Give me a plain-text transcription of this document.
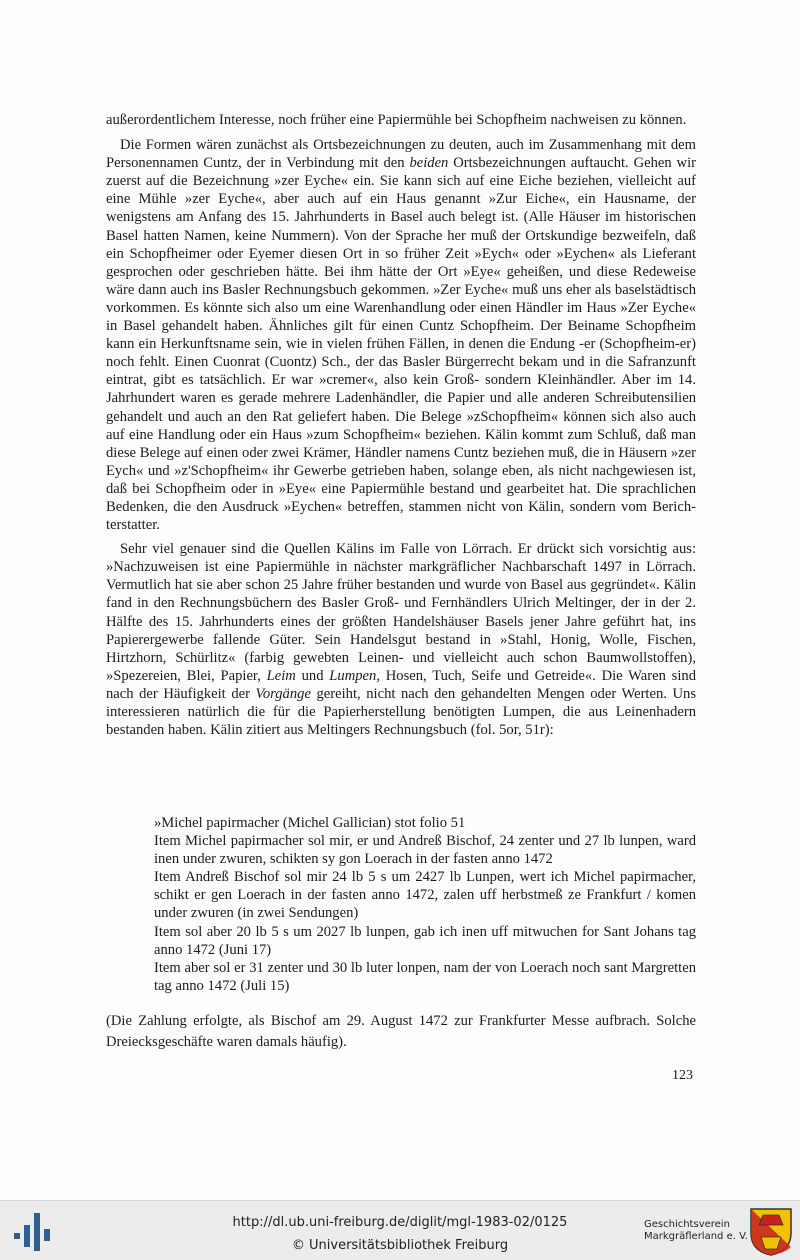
außerordentlichem Interesse, noch früher eine Papiermühle bei Schopfheim nachweisen zu können.

Die Formen wären zunächst als Ortsbezeichnungen zu deuten, auch im Zusammenhang mit dem Personennamen Cuntz, der in Verbindung mit den beiden Ortsbezeichnungen auftaucht. Gehen wir zuerst auf die Bezeichnung »zer Eyche« ein. Sie kann sich auf eine Eiche beziehen, vielleicht auf eine Mühle »zer Eyche«, aber auch auf ein Haus genannt »Zur Eiche«, ein Hausname, der wenigstens am Anfang des 15. Jahrhunderts in Basel auch belegt ist. (Alle Häuser im historischen Basel hatten Namen, keine Nummern). Von der Sprache her muß der Ortskundige bezweifeln, daß ein Schopfheimer oder Eyemer diesen Ort in so früher Zeit »Eych« oder »Eychen« als Lieferant gesprochen oder geschrieben hätte. Bei ihm hätte der Ort »Eye« geheißen, und diese Redeweise wäre dann auch ins Basler Rechnungsbuch gekommen. »Zer Eyche« muß uns eher als baselstädtisch vorkommen. Es könnte sich also um eine Warenhandlung oder einen Händler im Haus »Zer Eyche« in Basel gehandelt haben. Ähnliches gilt für einen Cuntz Schopfheim. Der Beiname Schopfheim kann ein Herkunftsname sein, wie in vielen frühen Fällen, in denen die Endung -er (Schopfheim-er) noch fehlt. Einen Cuonrat (Cuontz) Sch., der das Basler Bürgerrecht bekam und in die Safranzunft eintrat, gibt es tatsächlich. Er war »cremer«, also kein Groß- sondern Kleinhändler. Aber im 14. Jahrhundert waren es gerade mehrere Ladenhändler, die Papier und alle anderen Schreibutensilien gehandelt und auch an den Rat geliefert haben. Die Belege »zSchopfheim« können sich also auch auf eine Handlung oder ein Haus »zum Schopfheim« beziehen. Kälin kommt zum Schluß, daß man diese Belege auf einen oder zwei Krämer, Händler namens Cuntz beziehen muß, die in Häusern »zer Eych« und »z'Schopfheim« ihr Gewerbe getrieben haben, solange eben, als nicht nachgewiesen ist, daß bei Schopfheim oder in »Eye« eine Papiermühle bestand und gearbeitet hat. Die sprachlichen Bedenken, die den Ausdruck »Eychen« betreffen, stammen nicht von Kälin, sondern vom Berichterstatter.

Sehr viel genauer sind die Quellen Kälins im Falle von Lörrach. Er drückt sich vorsichtig aus: »Nachzuweisen ist eine Papiermühle in nächster markgräflicher Nachbarschaft 1497 in Lörrach. Vermutlich hat sie aber schon 25 Jahre früher bestanden und wurde von Basel aus gegründet«. Kälin fand in den Rechnungsbüchern des Basler Groß- und Fernhändlers Ulrich Meltinger, der in der 2. Hälfte des 15. Jahrhunderts eines der größten Handelshäuser Basels jener Jahre geführt hat, ins Papierergewerbe fallende Güter. Sein Handelsgut bestand in »Stahl, Honig, Wolle, Fischen, Hirtzhorn, Schürlitz« (farbig gewebten Leinen- und vielleicht auch schon Baumwollstoffen), »Spezereien, Blei, Papier, Leim und Lumpen, Hosen, Tuch, Seife und Getreide«. Die Waren sind nach der Häufigkeit der Vorgänge gereiht, nicht nach den gehandelten Mengen oder Werten. Uns interessieren natürlich die für die Papierherstellung benötigten Lumpen, die aus Leinenhadern bestanden haben. Kälin zitiert aus Meltingers Rechnungsbuch (fol. 5or, 51r):

»Michel papirmacher (Michel Gallician) stot folio 51

Item Michel papirmacher sol mir, er und Andreß Bischof, 24 zenter und 27 lb lunpen, ward inen under zwuren, schikten sy gon Loerach in der fasten anno 1472

Item Andreß Bischof sol mir 24 lb 5 s um 2427 lb Lunpen, wert ich Michel papirmacher, schikt er gen Loerach in der fasten anno 1472, zalen uff herbstmeß ze Frankfurt / komen under zwuren (in zwei Sendungen)

Item sol aber 20 lb 5 s um 2027 lb lunpen, gab ich inen uff mitwuchen for Sant Johans tag anno 1472 (Juni 17)

Item aber sol er 31 zenter und 30 lb luter lonpen, nam der von Loerach noch sant Margretten tag anno 1472 (Juli 15)

(Die Zahlung erfolgte, als Bischof am 29. August 1472 zur Frankfurter Messe aufbrach. Solche Dreiecksgeschäfte waren damals häufig).

123
http://dl.ub.uni-freiburg.de/diglit/mgl-1983-02/0125
© Universitätsbibliothek Freiburg
Geschichtsverein
Markgräflerland e. V.
